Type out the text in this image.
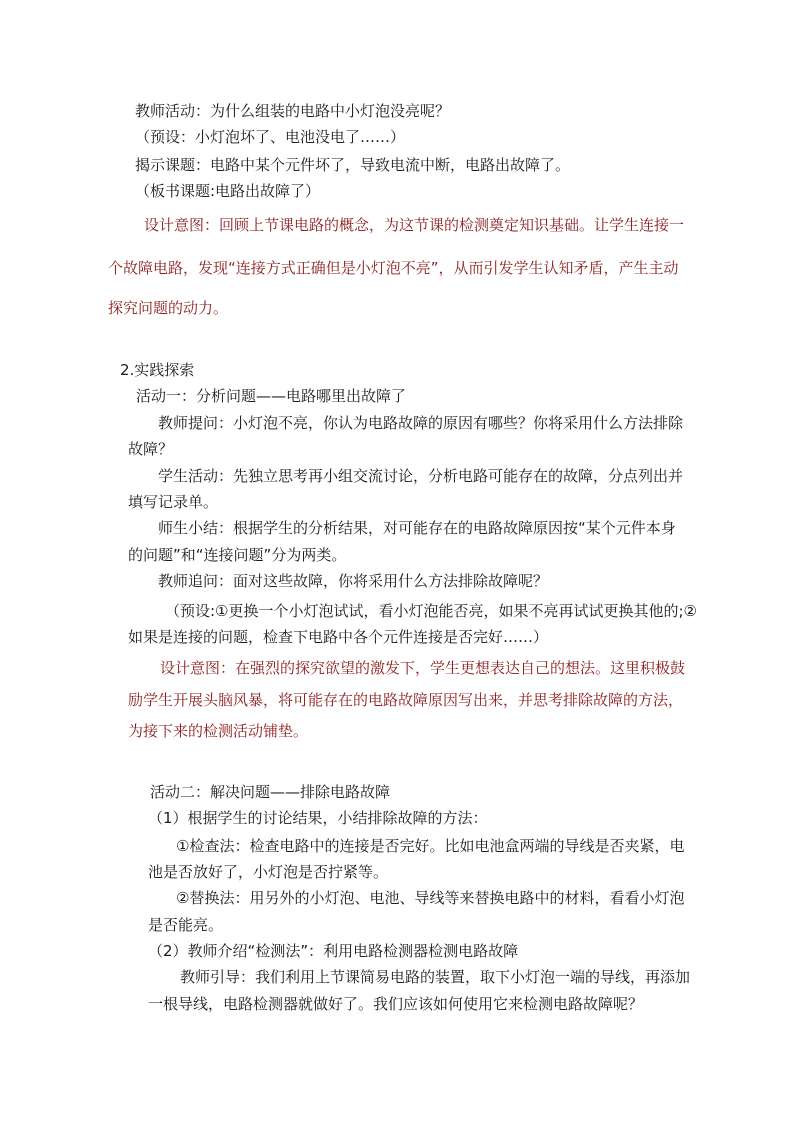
教师活动：为什么组装的电路中小灯泡没亮呢？
（预设：小灯泡坏了、电池没电了……）
揭示课题：电路中某个元件坏了，导致电流中断，电路出故障了。
（板书课题:电路出故障了）
设计意图：回顾上节课电路的概念，为这节课的检测奠定知识基础。让学生连接一
个故障电路，发现“连接方式正确但是小灯泡不亮”，从而引发学生认知矛盾，产生主动
探究问题的动力。
2.实践探索
活动一：分析问题——电路哪里出故障了
教师提问：小灯泡不亮，你认为电路故障的原因有哪些？你将采用什么方法排除
故障？
学生活动：先独立思考再小组交流讨论，分析电路可能存在的故障，分点列出并
填写记录单。
师生小结：根据学生的分析结果，对可能存在的电路故障原因按“某个元件本身
的问题”和“连接问题”分为两类。
教师追问：面对这些故障，你将采用什么方法排除故障呢？
（预设:①更换一个小灯泡试试，看小灯泡能否亮，如果不亮再试试更换其他的;②
如果是连接的问题，检查下电路中各个元件连接是否完好……）
设计意图：在强烈的探究欲望的激发下，学生更想表达自己的想法。这里积极鼓
励学生开展头脑风暴，将可能存在的电路故障原因写出来，并思考排除故障的方法，
为接下来的检测活动铺垫。
活动二：解决问题——排除电路故障
（1）根据学生的讨论结果，小结排除故障的方法：
①检查法：检查电路中的连接是否完好。比如电池盒两端的导线是否夹紧，电
池是否放好了，小灯泡是否拧紧等。
②替换法：用另外的小灯泡、电池、导线等来替换电路中的材料，看看小灯泡
是否能亮。
（2）教师介绍“检测法”：利用电路检测器检测电路故障
教师引导：我们利用上节课简易电路的装置，取下小灯泡一端的导线，再添加
一根导线，电路检测器就做好了。我们应该如何使用它来检测电路故障呢？
